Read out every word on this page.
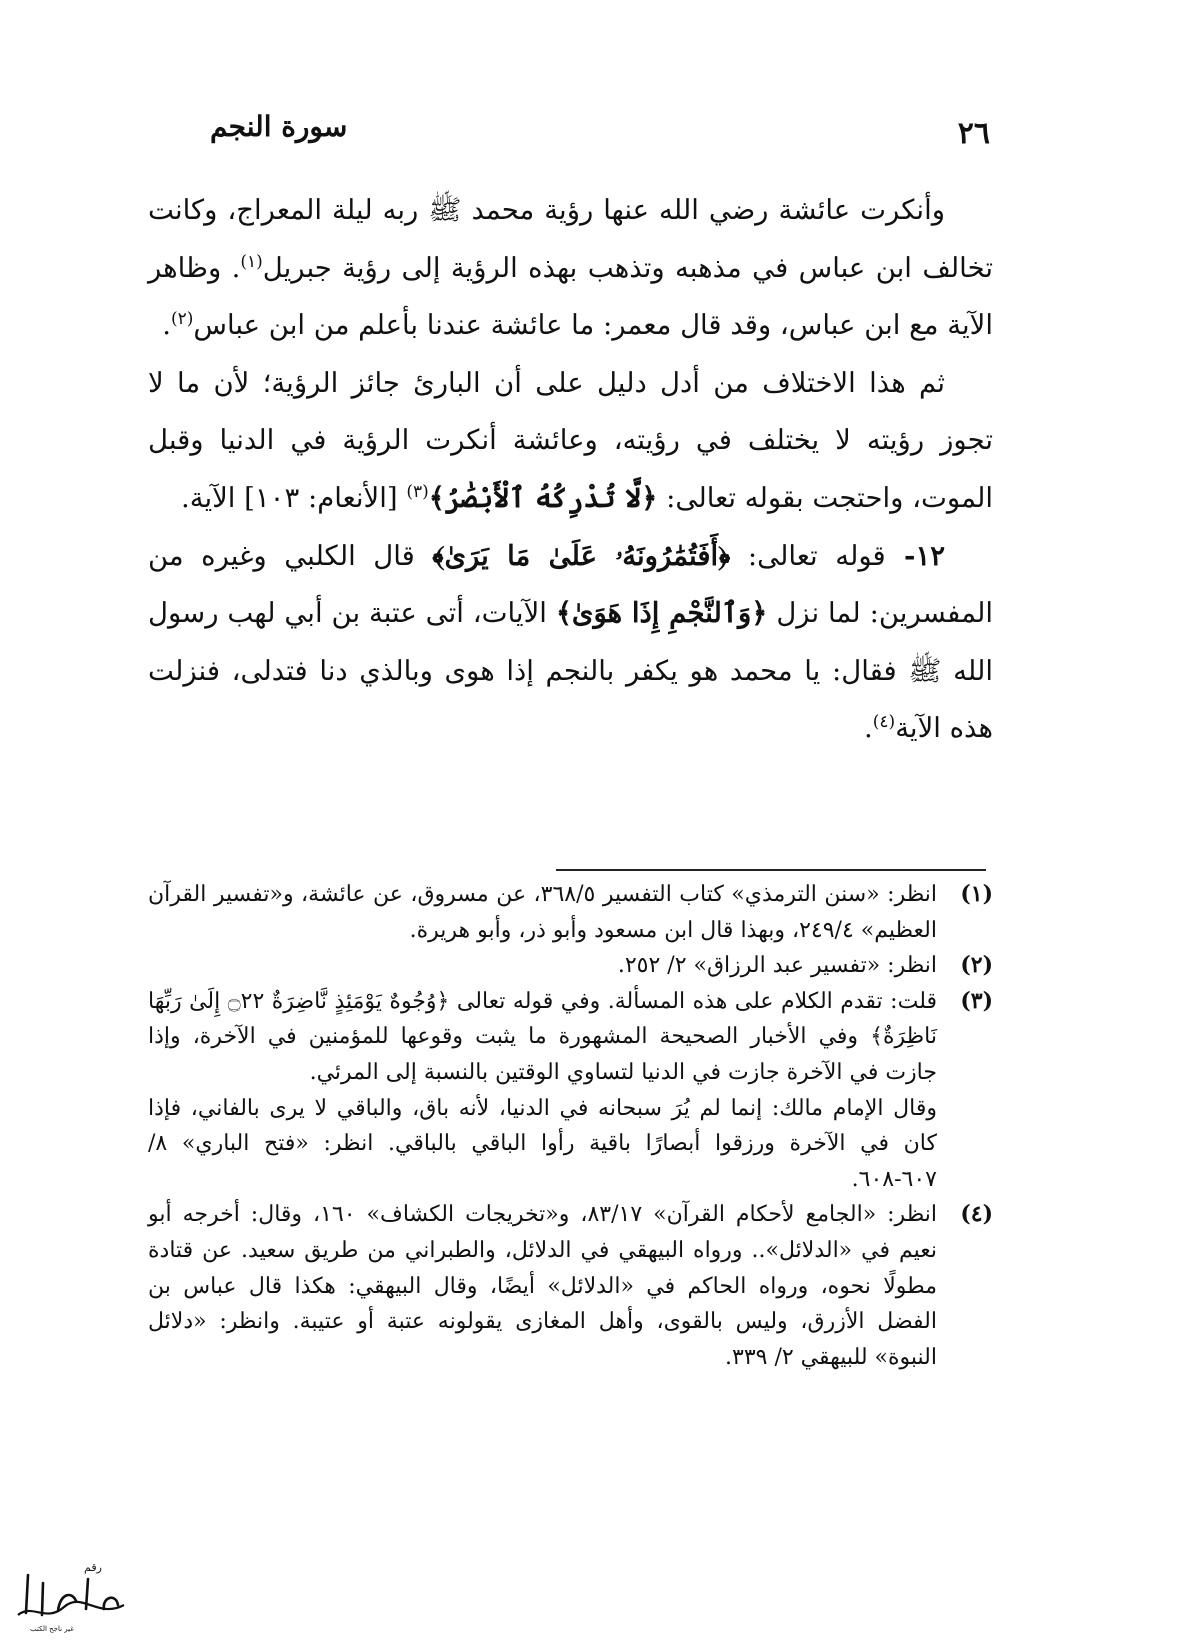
٢٦
سورة النجم

وأنكرت عائشة رضي الله عنها رؤية محمد ﷺ ربه ليلة المعراج، وكانت تخالف ابن عباس في مذهبه وتذهب بهذه الرؤية إلى رؤية جبريل$^{(١)}$. وظاهر الآية مع ابن عباس، وقد قال معمر: ما عائشة عندنا بأعلم من ابن عباس$^{(٢)}$.

ثم هذا الاختلاف من أدل دليل على أن البارئ جائز الرؤية؛ لأن ما لا تجوز رؤيته لا يختلف في رؤيته، وعائشة أنكرت الرؤية في الدنيا وقبل الموت، واحتجت بقوله تعالى: ﴿لَّا تُدْرِكُهُ ٱلْأَبْصَٰرُ﴾$^{(٣)}$ [الأنعام: ١٠٣] الآية.

١٢- قوله تعالى: ﴿أَفَتُمَٰرُونَهُۥ عَلَىٰ مَا يَرَىٰ﴾ قال الكلبي وغيره من المفسرين: لما نزل ﴿وَٱلنَّجْمِ إِذَا هَوَىٰ﴾ الآيات، أتى عتبة بن أبي لهب رسول الله ﷺ فقال: يا محمد هو يكفر بالنجم إذا هوى وبالذي دنا فتدلى، فنزلت هذه الآية$^{(٤)}$.

(١)

انظر: «سنن الترمذي» كتاب التفسير ٣٦٨/٥، عن مسروق، عن عائشة، و«تفسير القرآن العظيم» ٢٤٩/٤، وبهذا قال ابن مسعود وأبو ذر، وأبو هريرة.

(٢)

انظر: «تفسير عبد الرزاق» ٢/ ٢٥٢.

(٣)

قلت: تقدم الكلام على هذه المسألة. وفي قوله تعالى ﴿وُجُوهٌ يَوْمَئِذٍ نَّاضِرَةٌ ۝٢٢ إِلَىٰ رَبِّهَا نَاظِرَةٌ﴾ وفي الأخبار الصحيحة المشهورة ما يثبت وقوعها للمؤمنين في الآخرة، وإذا جازت في الآخرة جازت في الدنيا لتساوي الوقتين بالنسبة إلى المرئي.

وقال الإمام مالك: إنما لم يُرَ سبحانه في الدنيا، لأنه باق، والباقي لا يرى بالفاني، فإذا كان في الآخرة ورزقوا أبصارًا باقية رأوا الباقي بالباقي. انظر: «فتح الباري» ٨/ ٦٠٧-٦٠٨.

(٤)

انظر: «الجامع لأحكام القرآن» ٨٣/١٧، و«تخريجات الكشاف» ١٦٠، وقال: أخرجه أبو نعيم في «الدلائل».. ورواه البيهقي في الدلائل، والطبراني من طريق سعيد. عن قتادة مطولًا نحوه، ورواه الحاكم في «الدلائل» أيضًا، وقال البيهقي: هكذا قال عباس بن الفضل الأزرق، وليس بالقوى، وأهل المغازى يقولونه عتبة أو عتيبة. وانظر: «دلائل النبوة» للبيهقي ٢/ ٣٣٩.

رقم
غير ناجح الكتب
